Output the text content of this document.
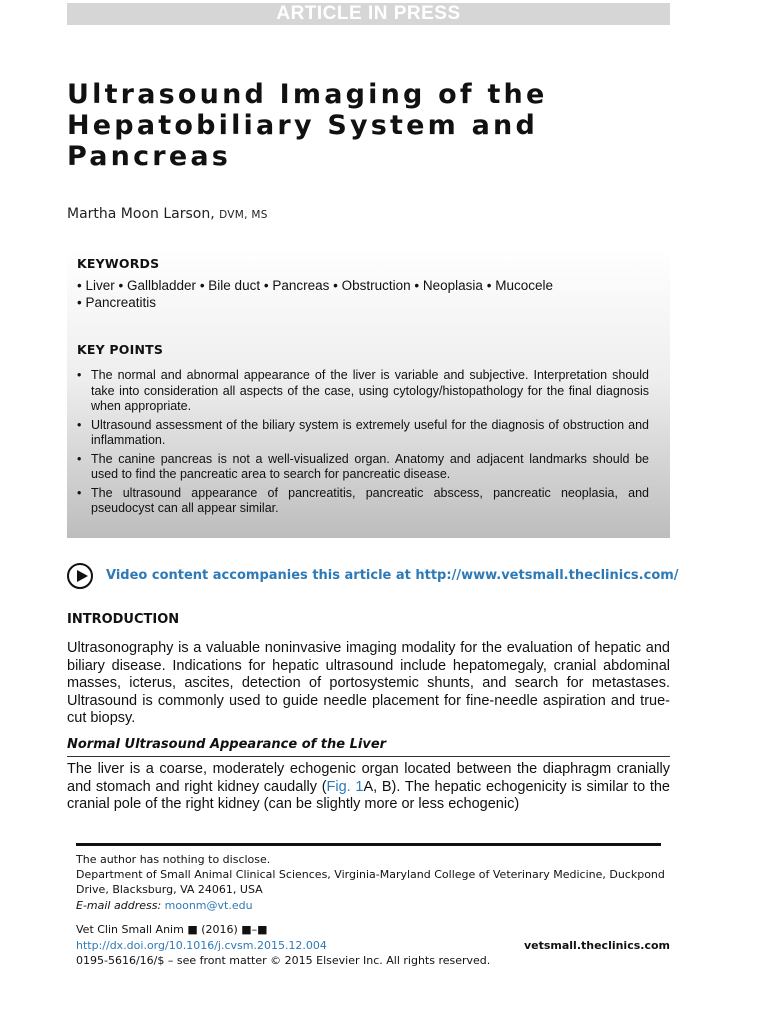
ARTICLE IN PRESS
Ultrasound Imaging of the Hepatobiliary System and Pancreas
Martha Moon Larson, DVM, MS
KEYWORDS
• Liver • Gallbladder • Bile duct • Pancreas • Obstruction • Neoplasia • Mucocele
• Pancreatitis
KEY POINTS
• The normal and abnormal appearance of the liver is variable and subjective. Interpretation should take into consideration all aspects of the case, using cytology/histopathology for the final diagnosis when appropriate.
• Ultrasound assessment of the biliary system is extremely useful for the diagnosis of obstruction and inflammation.
• The canine pancreas is not a well-visualized organ. Anatomy and adjacent landmarks should be used to find the pancreatic area to search for pancreatic disease.
• The ultrasound appearance of pancreatitis, pancreatic abscess, pancreatic neoplasia, and pseudocyst can all appear similar.
Video content accompanies this article at http://www.vetsmall.theclinics.com/
INTRODUCTION

Ultrasonography is a valuable noninvasive imaging modality for the evaluation of hepatic and biliary disease. Indications for hepatic ultrasound include hepatomegaly, cranial abdominal masses, icterus, ascites, detection of portosystemic shunts, and search for metastases. Ultrasound is commonly used to guide needle placement for fine-needle aspiration and true-cut biopsy.

Normal Ultrasound Appearance of the Liver

The liver is a coarse, moderately echogenic organ located between the diaphragm cranially and stomach and right kidney caudally (Fig. 1A, B). The hepatic echogenicity is similar to the cranial pole of the right kidney (can be slightly more or less echogenic)

The author has nothing to disclose.
Department of Small Animal Clinical Sciences, Virginia-Maryland College of Veterinary Medicine, Duckpond Drive, Blacksburg, VA 24061, USA
E-mail address: moonm@vt.edu
Vet Clin Small Anim ■ (2016) ■–■
http://dx.doi.org/10.1016/j.cvsm.2015.12.004	vetsmall.theclinics.com
0195-5616/16/$ – see front matter © 2015 Elsevier Inc. All rights reserved.
